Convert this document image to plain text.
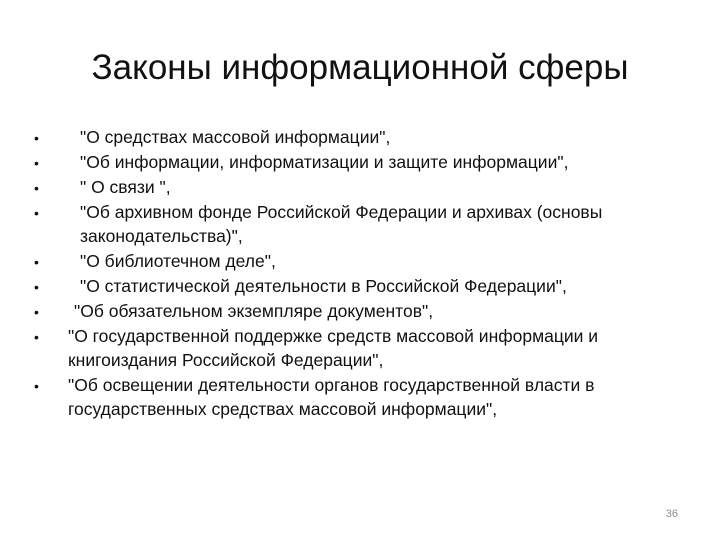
Законы информационной сферы
•	"О средствах массовой информации",
•	"Об информации, информатизации и защите информации",
•	" О связи ",
•	"Об архивном фонде Российской Федерации и архивах (основы законодательства)",
•	"О библиотечном деле",
•	"О статистической деятельности в Российской Федерации",
•	"Об обязательном экземпляре документов",
• "О государственной поддержке средств массовой информации и книгоиздания Российской Федерации",
• "Об освещении деятельности органов государственной власти в государственных средствах массовой информации",
36
